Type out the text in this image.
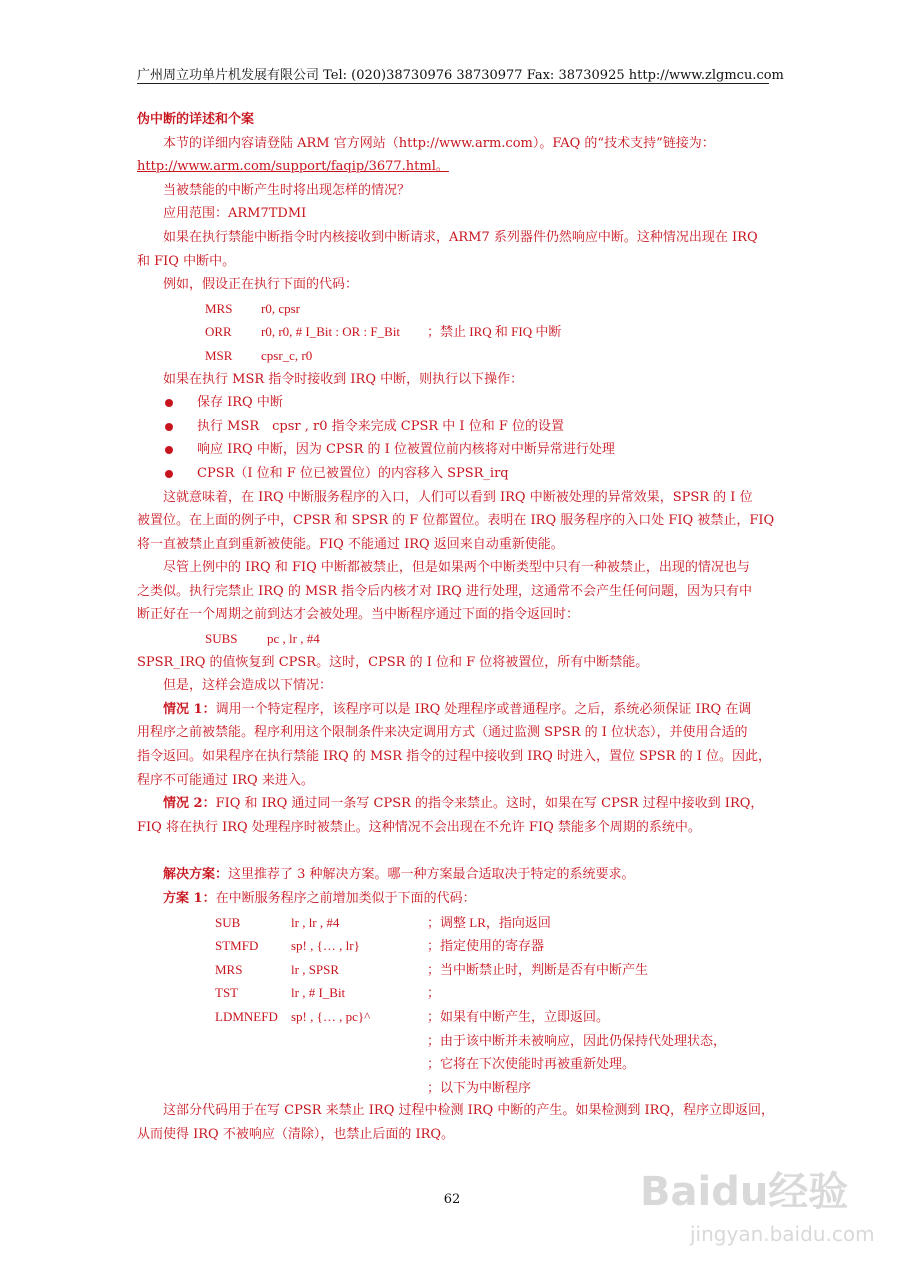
广州周立功单片机发展有限公司 Tel: (020)38730976 38730977 Fax: 38730925 http://www.zlgmcu.com
伪中断的详述和个案
本节的详细内容请登陆 ARM 官方网站（http://www.arm.com）。FAQ 的“技术支持”链接为：
http://www.arm.com/support/faqip/3677.html。
当被禁能的中断产生时将出现怎样的情况？
应用范围：ARM7TDMI
如果在执行禁能中断指令时内核接收到中断请求，ARM7 系列器件仍然响应中断。这种情况出现在 IRQ
和 FIQ 中断中。
例如，假设正在执行下面的代码：
MRS r0, cpsr
ORR r0, r0, # I_Bit : OR : F_Bit ；禁止 IRQ 和 FIQ 中断
MSR cpsr_c, r0
如果在执行 MSR 指令时接收到 IRQ 中断，则执行以下操作：
保存 IRQ 中断
执行 MSR　cpsr , r0 指令来完成 CPSR 中 I 位和 F 位的设置
响应 IRQ 中断，因为 CPSR 的 I 位被置位前内核将对中断异常进行处理
CPSR（I 位和 F 位已被置位）的内容移入 SPSR_irq
这就意味着，在 IRQ 中断服务程序的入口，人们可以看到 IRQ 中断被处理的异常效果，SPSR 的 I 位
被置位。在上面的例子中，CPSR 和 SPSR 的 F 位都置位。表明在 IRQ 服务程序的入口处 FIQ 被禁止，FIQ
将一直被禁止直到重新被使能。FIQ 不能通过 IRQ 返回来自动重新使能。
尽管上例中的 IRQ 和 FIQ 中断都被禁止，但是如果两个中断类型中只有一种被禁止，出现的情况也与
之类似。执行完禁止 IRQ 的 MSR 指令后内核才对 IRQ 进行处理，这通常不会产生任何问题，因为只有中
断正好在一个周期之前到达才会被处理。当中断程序通过下面的指令返回时：
SUBS pc , lr , #4
SPSR_IRQ 的值恢复到 CPSR。这时，CPSR 的 I 位和 F 位将被置位，所有中断禁能。
但是，这样会造成以下情况：
情况 1：调用一个特定程序，该程序可以是 IRQ 处理程序或普通程序。之后，系统必须保证 IRQ 在调
用程序之前被禁能。程序利用这个限制条件来决定调用方式（通过监测 SPSR 的 I 位状态），并使用合适的
指令返回。如果程序在执行禁能 IRQ 的 MSR 指令的过程中接收到 IRQ 时进入，置位 SPSR 的 I 位。因此，
程序不可能通过 IRQ 来进入。
情况 2：FIQ 和 IRQ 通过同一条写 CPSR 的指令来禁止。这时，如果在写 CPSR 过程中接收到 IRQ，
FIQ 将在执行 IRQ 处理程序时被禁止。这种情况不会出现在不允许 FIQ 禁能多个周期的系统中。
解决方案：这里推荐了 3 种解决方案。哪一种方案最合适取决于特定的系统要求。
方案 1：在中断服务程序之前增加类似于下面的代码：
SUB	lr , lr , #4	；调整 LR，指向返回
STMFD	sp! , {… , lr}	；指定使用的寄存器
MRS	lr , SPSR	；当中断禁止时，判断是否有中断产生
TST	lr , # I_Bit	；
LDMNEFD sp! , {… , pc}^	；如果有中断产生，立即返回。
；由于该中断并未被响应，因此仍保持代处理状态，

；它将在下次使能时再被重新处理。

；以下为中断程序

这部分代码用于在写 CPSR 来禁止 IRQ 过程中检测 IRQ 中断的产生。如果检测到 IRQ，程序立即返回，
从而使得 IRQ 不被响应（清除），也禁止后面的 IRQ。
62	Baidu经验
jingyan.baidu.com
